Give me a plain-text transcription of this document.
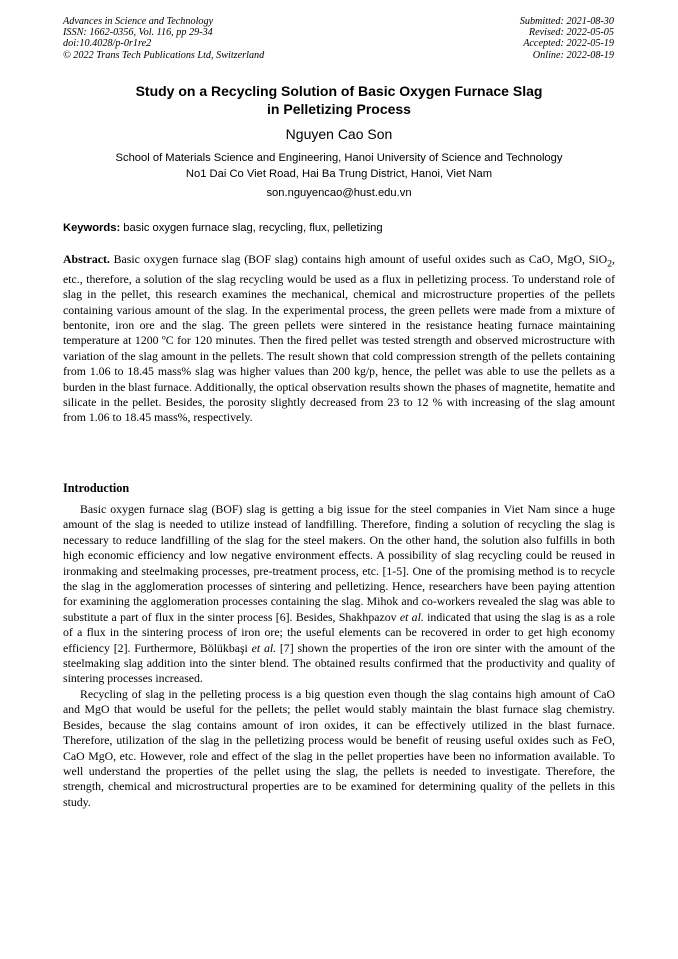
Advances in Science and Technology
ISSN: 1662-0356, Vol. 116, pp 29-34
doi:10.4028/p-0r1re2
© 2022 Trans Tech Publications Ltd, Switzerland
Submitted: 2021-08-30
Revised: 2022-05-05
Accepted: 2022-05-19
Online: 2022-08-19
Study on a Recycling Solution of Basic Oxygen Furnace Slag
in Pelletizing Process
Nguyen Cao Son
School of Materials Science and Engineering, Hanoi University of Science and Technology
No1 Dai Co Viet Road, Hai Ba Trung District, Hanoi, Viet Nam
son.nguyencao@hust.edu.vn
Keywords: basic oxygen furnace slag, recycling, flux, pelletizing

Abstract. Basic oxygen furnace slag (BOF slag) contains high amount of useful oxides such as CaO, MgO, SiO$_2$, etc., therefore, a solution of the slag recycling would be used as a flux in pelletizing process. To understand role of slag in the pellet, this research examines the mechanical, chemical and microstructure properties of the pellets containing various amount of the slag. In the experimental process, the green pellets were made from a mixture of bentonite, iron ore and the slag. The green pellets were sintered in the resistance heating furnace maintaining temperature at 1200 ºC for 120 minutes. Then the fired pellet was tested strength and observed microstructure with variation of the slag amount in the pellets. The result shown that cold compression strength of the pellets containing from 1.06 to 18.45 mass% slag was higher values than 200 kg/p, hence, the pellet was able to use the pellets as a burden in the blast furnace. Additionally, the optical observation results shown the phases of magnetite, hematite and silicate in the pellet. Besides, the porosity slightly decreased from 23 to 12 % with increasing of the slag amount from 1.06 to 18.45 mass%, respectively.

Introduction

Basic oxygen furnace slag (BOF) slag is getting a big issue for the steel companies in Viet Nam since a huge amount of the slag is needed to utilize instead of landfilling. Therefore, finding a solution of recycling the slag is necessary to reduce landfilling of the slag for the steel makers. On the other hand, the solution also fulfills in both high economic efficiency and low negative environment effects. A possibility of slag recycling could be reused in ironmaking and steelmaking processes, pre-treatment process, etc. [1-5]. One of the promising method is to recycle the slag in the agglomeration processes of sintering and pelletizing. Hence, researchers have been paying attention for examining the agglomeration processes containing the slag. Mihok and co-workers revealed the slag was able to substitute a part of flux in the sinter process [6]. Besides, Shakhpazov et al. indicated that using the slag is as a role of a flux in the sintering process of iron ore; the useful elements can be recovered in order to get high economy efficiency [2]. Furthermore, Bölükbaşi et al. [7] shown the properties of the iron ore sinter with the amount of the steelmaking slag addition into the sinter blend. The obtained results confirmed that the productivity and quality of sintering processes increased.

Recycling of slag in the pelleting process is a big question even though the slag contains high amount of CaO and MgO that would be useful for the pellets; the pellet would stably maintain the blast furnace slag chemistry. Besides, because the slag contains amount of iron oxides, it can be effectively utilized in the blast furnace. Therefore, utilization of the slag in the pelletizing process would be benefit of reusing useful oxides such as FeO, CaO MgO, etc. However, role and effect of the slag in the pellet properties have been no information available. To well understand the properties of the pellet using the slag, the pellets is needed to investigate. Therefore, the strength, chemical and microstructural properties are to be examined for determining quality of the pellets in this study.
